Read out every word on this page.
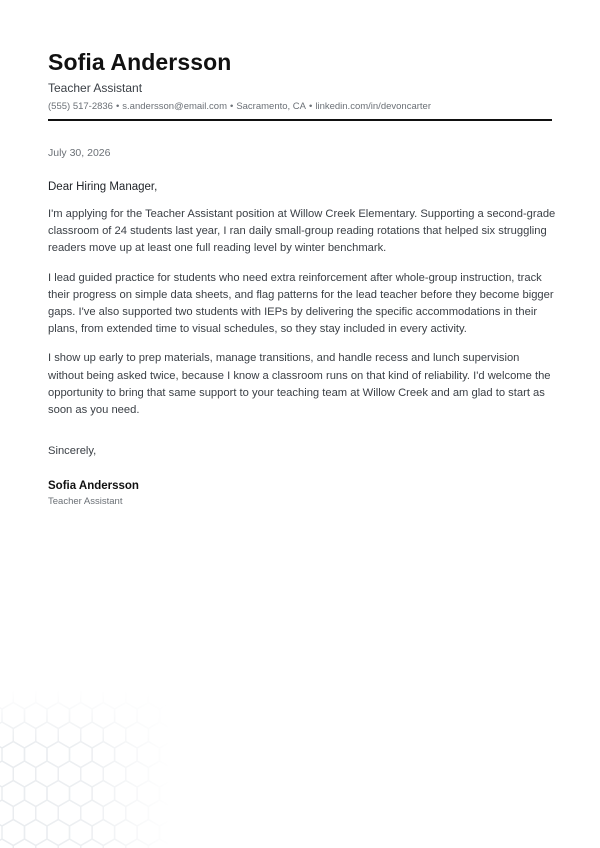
Sofia Andersson
Teacher Assistant
(555) 517-2836 • s.andersson@email.com • Sacramento, CA • linkedin.com/in/devoncarter
July 30, 2026
Dear Hiring Manager,

I'm applying for the Teacher Assistant position at Willow Creek Elementary. Supporting a second-grade classroom of 24 students last year, I ran daily small-group reading rotations that helped six struggling readers move up at least one full reading level by winter benchmark.

I lead guided practice for students who need extra reinforcement after whole-group instruction, track their progress on simple data sheets, and flag patterns for the lead teacher before they become bigger gaps. I've also supported two students with IEPs by delivering the specific accommodations in their plans, from extended time to visual schedules, so they stay included in every activity.

I show up early to prep materials, manage transitions, and handle recess and lunch supervision without being asked twice, because I know a classroom runs on that kind of reliability. I'd welcome the opportunity to bring that same support to your teaching team at Willow Creek and am glad to start as soon as you need.

Sincerely,
Sofia Andersson
Teacher Assistant
